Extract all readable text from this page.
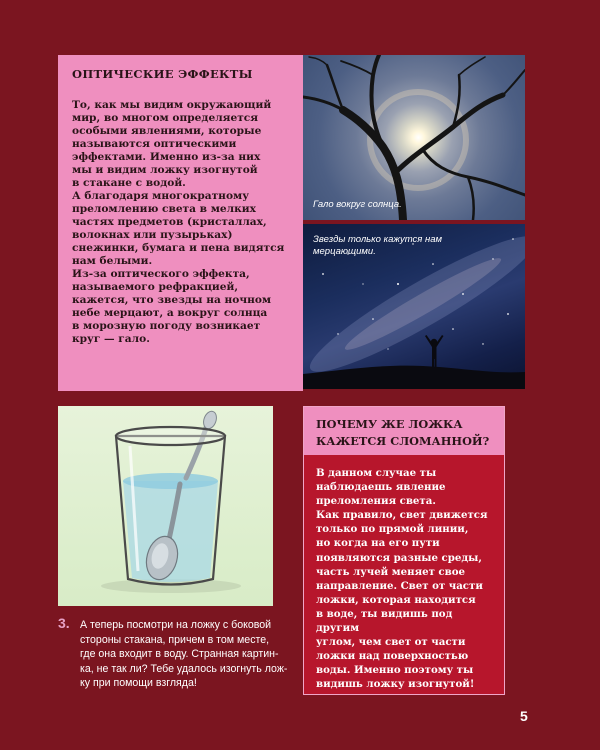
ОПТИЧЕСКИЕ ЭФФЕКТЫ

То, как мы видим окружающий
мир, во многом определяется
особыми явлениями, которые
называются оптическими
эффектами. Именно из-за них
мы и видим ложку изогнутой
в стакане с водой.
А благодаря многократному
преломлению света в мелких
частях предметов (кристаллах,
волокнах или пузырьках)
снежинки, бумага и пена видятся
нам белыми.
Из-за оптического эффекта,
называемого рефракцией,
кажется, что звезды на ночном
небе мерцают, а вокруг солнца
в морозную погоду возникает
круг — гало.

Гало вокруг солнца.
Звезды только кажутся нам мерцающими.
3. А теперь посмотри на ложку с боковой
стороны стакана, причем в том месте,
где она входит в воду. Странная картин-
ка, не так ли? Тебе удалось изогнуть лож-
ку при помощи взгляда!
ПОЧЕМУ ЖЕ ЛОЖКА
КАЖЕТСЯ СЛОМАННОЙ?

В данном случае ты
наблюдаешь явление
преломления света.
Как правило, свет движется
только по прямой линии,
но когда на его пути
появляются разные среды,
часть лучей меняет свое
направление. Свет от части
ложки, которая находится
в воде, ты видишь под другим
углом, чем свет от части
ложки над поверхностью
воды. Именно поэтому ты
видишь ложку изогнутой!

5
